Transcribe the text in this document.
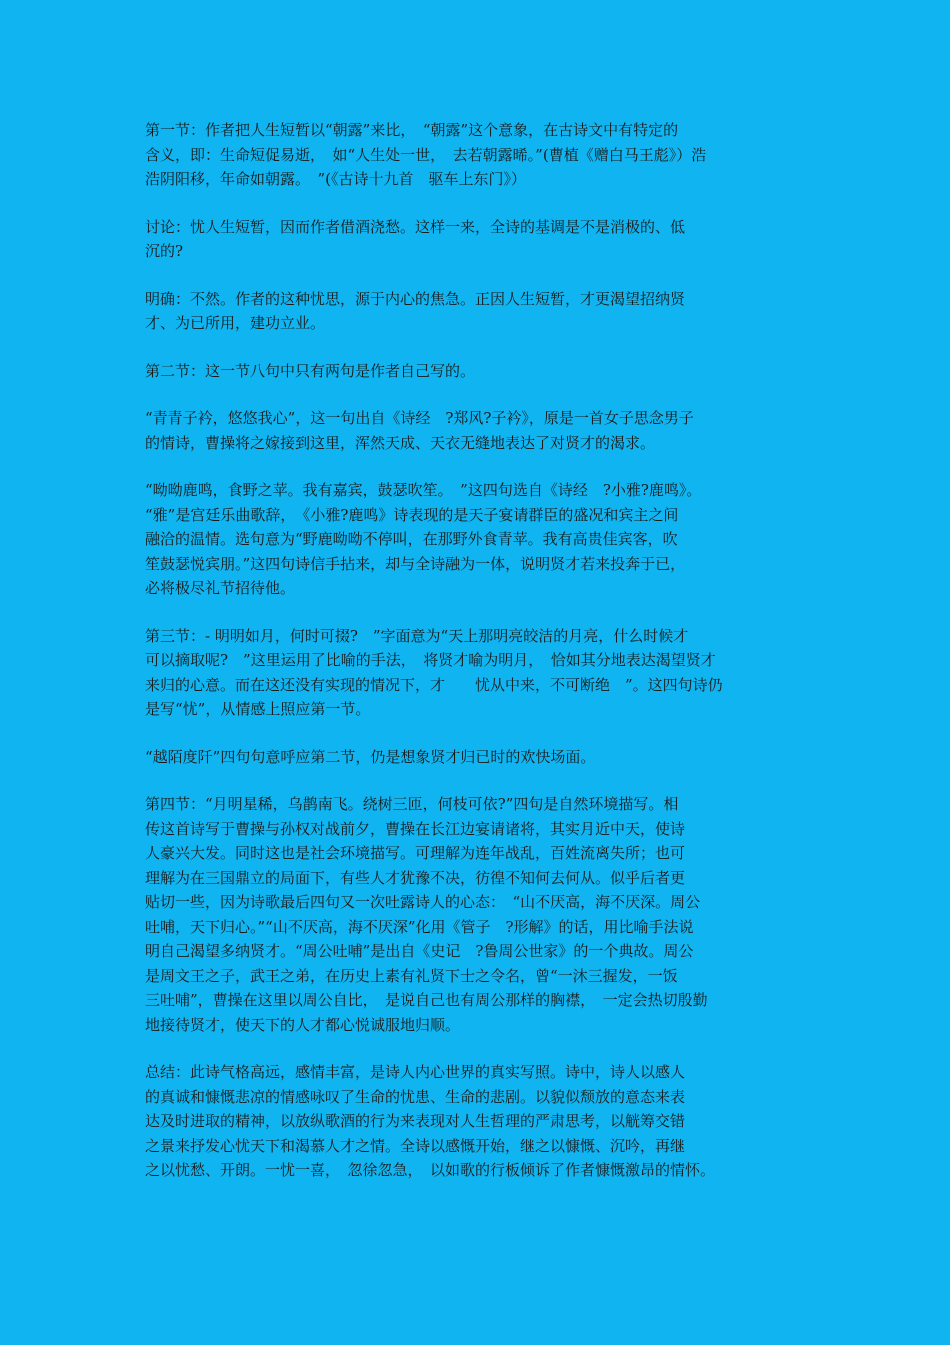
第一节：作者把人生短暂以“朝露”来比，　“朝露”这个意象，在古诗文中有特定的
含义，即：生命短促易逝，　如“人生处一世，　去若朝露晞。”(曹植《赠白马王彪》）浩
浩阴阳移，年命如朝露。　”(《古诗十九首　驱车上东门》）
讨论：忧人生短暂，因而作者借酒浇愁。这样一来，全诗的基调是不是消极的、低
沉的?
明确：不然。作者的这种忧思，源于内心的焦急。正因人生短暂，才更渴望招纳贤
才、为已所用，建功立业。
第二节：这一节八句中只有两句是作者自己写的。
“青青子衿，悠悠我心”，这一句出自《诗经　?郑风?子衿》，原是一首女子思念男子
的情诗，曹操将之嫁接到这里，浑然天成、天衣无缝地表达了对贤才的渴求。
“呦呦鹿鸣，食野之苹。我有嘉宾，鼓瑟吹笙。　”这四句选自《诗经　?小雅?鹿鸣》。
“雅”是宫廷乐曲歌辞，　《小雅?鹿鸣》诗表现的是天子宴请群臣的盛况和宾主之间
融洽的温情。选句意为“野鹿呦呦不停叫，在那野外食青苹。我有高贵佳宾客，吹
笙鼓瑟悦宾朋。”这四句诗信手拈来，却与全诗融为一体，说明贤才若来投奔于已，
必将极尽礼节招待他。
第三节：- 明明如月，何时可掇?　”字面意为“天上那明亮皎洁的月亮，什么时候才
可以摘取呢?　”这里运用了比喻的手法，　将贤才喻为明月，　恰如其分地表达渴望贤才
来归的心意。而在这还没有实现的情况下，才　　忧从中来，不可断绝　”。这四句诗仍
是写“忧”，从情感上照应第一节。
“越陌度阡”四句句意呼应第二节，仍是想象贤才归已时的欢快场面。
第四节：“月明星稀，乌鹊南飞。绕树三匝，何枝可依?”四句是自然环境描写。相
传这首诗写于曹操与孙权对战前夕，曹操在长江边宴请诸将，其实月近中天，使诗
人豪兴大发。同时这也是社会环境描写。可理解为连年战乱，百姓流离失所；也可
理解为在三国鼎立的局面下，有些人才犹豫不决，彷徨不知何去何从。似乎后者更
贴切一些，因为诗歌最后四句又一次吐露诗人的心态：　“山不厌高，海不厌深。周公
吐哺，天下归心。”“山不厌高，海不厌深”化用《管子　?形解》的话，用比喻手法说
明自己渴望多纳贤才。“周公吐哺”是出自《史记　?鲁周公世家》的一个典故。周公
是周文王之子，武王之弟，在历史上素有礼贤下士之令名，曾“一沐三握发，一饭
三吐哺”，曹操在这里以周公自比，　是说自己也有周公那样的胸襟，　一定会热切殷勤
地接待贤才，使天下的人才都心悦诚服地归顺。
总结：此诗气格高远，感情丰富，是诗人内心世界的真实写照。诗中，诗人以感人
的真诚和慷慨悲凉的情感咏叹了生命的忧患、生命的悲剧。以貌似颓放的意态来表
达及时进取的精神，以放纵歌酒的行为来表现对人生哲理的严肃思考，以觥筹交错
之景来抒发心忧天下和渴慕人才之情。全诗以感慨开始，继之以慷慨、沉吟，再继
之以忧愁、开朗。一忧一喜，　忽徐忽急，　以如歌的行板倾诉了作者慷慨激昂的情怀。
